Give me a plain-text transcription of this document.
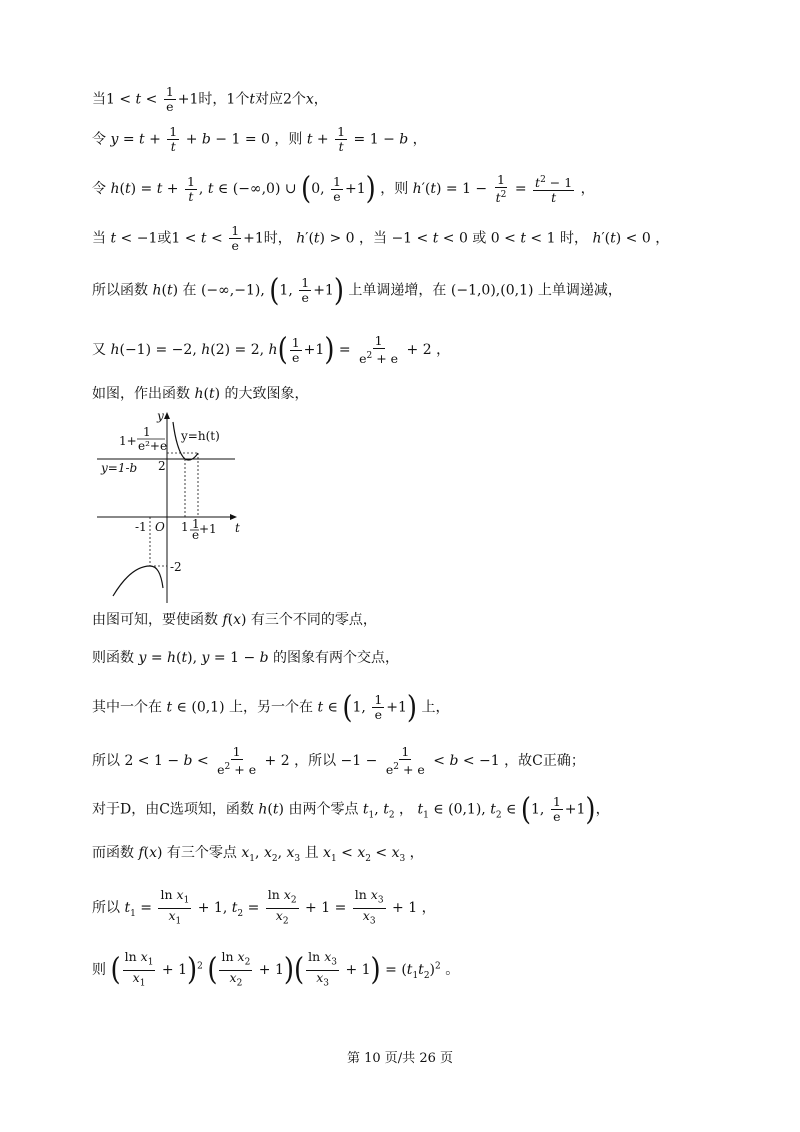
当$1 < t < \frac{1}{e} +1$时，1个t对应2个x，
令 $y = t + \frac{1}{t} + b - 1 = 0$ ，则 $t + \frac{1}{t} = 1 - b$ ，
令 $h(t) = t + \frac{1}{t}$ , t ∈ (−∞,0) ∪ (0, $\frac{1}{e} +1$) ，则 $h'(t) = 1 - \frac{1}{t^2} = \frac{t^2 - 1}{t}$ ，
当 t < −1或$1 < t < \frac{1}{e} +1$时， h′(t) > 0 ，当 −1 < t < 0 或 0 < t < 1 时， h′(t) < 0 ，
所以函数 h(t) 在 (−∞,−1), (1, $\frac{1}{e} +1$) 上单调递增，在 (−1,0),(0,1) 上单调递减，
又 h(−1) = −2, h(2) = 2, $h( \frac{1}{e} +1) = \frac{1}{e^2 + e} + 2$ ，
如图，作出函数 h(t) 的大致图象，
y
t
y=h(t)
y=1-b
1+
1
e²+e
2
-1 O 1 1
e +1
-2
由图可知，要使函数 f(x) 有三个不同的零点，
则函数 y = h(t), y = 1 − b 的图象有两个交点，
其中一个在 t ∈ (0,1) 上，另一个在 t ∈ (1, $\frac{1}{e} +1$) 上，
所以 $2 < 1 - b < \frac{1}{e^2 + e} + 2$ ，所以 $-1 - \frac{1}{e^2 + e} < b < -1$ ，故C正确；
对于D，由C选项知，函数 h(t) 由两个零点 $t_1$, $t_2$ ， $t_1$ ∈ (0,1), $t_2$ ∈ (1, $\frac{1}{e} +1$)，
而函数 f(x) 有三个零点 $x_1$, $x_2$, $x_3$ 且 $x_1 < x_2 < x_3$ ，
所以 $t_1 = \frac{\ln x_1}{x_1} + 1$, $t_2 = \frac{\ln x_2}{x_2} + 1 = \frac{\ln x_3}{x_3} + 1$ ，
则 ( $\frac{\ln x_1}{x_1} + 1)^2$ ( $\frac{\ln x_2}{x_2} + 1)( \frac{\ln x_3}{x_3} + 1) = (t_1t_2)^2$ 。
第 10 页/共 26 页
